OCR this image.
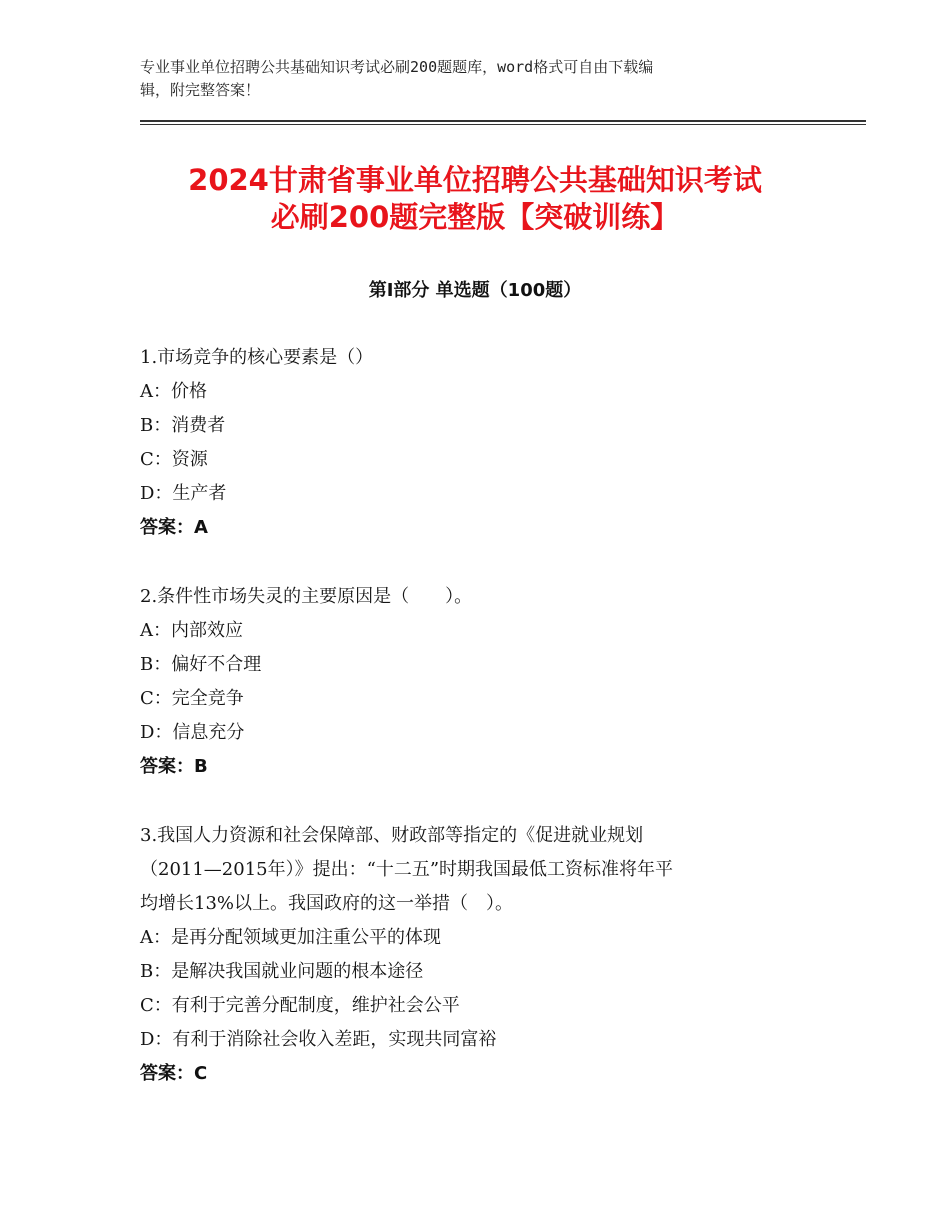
专业事业单位招聘公共基础知识考试必刷200题题库，word格式可自由下载编
辑，附完整答案！
2024甘肃省事业单位招聘公共基础知识考试
必刷200题完整版【突破训练】
第Ⅰ部分 单选题（100题）
1.市场竞争的核心要素是（）
A：价格
B：消费者
C：资源
D：生产者
答案：A
2.条件性市场失灵的主要原因是（　　）。
A：内部效应
B：偏好不合理
C：完全竞争
D：信息充分
答案：B
3.我国人力资源和社会保障部、财政部等指定的《促进就业规划
（2011—2015年）》提出：“十二五”时期我国最低工资标准将年平
均增长13%以上。我国政府的这一举措（　）。
A：是再分配领域更加注重公平的体现
B：是解决我国就业问题的根本途径
C：有利于完善分配制度，维护社会公平
D：有利于消除社会收入差距，实现共同富裕
答案：C
